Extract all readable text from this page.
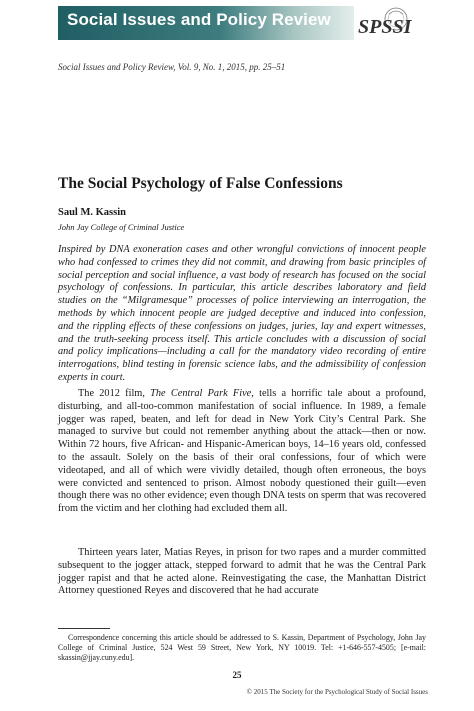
Social Issues and Policy Review SPSSI
Social Issues and Policy Review, Vol. 9, No. 1, 2015, pp. 25–51
The Social Psychology of False Confessions
Saul M. Kassin
John Jay College of Criminal Justice

Inspired by DNA exoneration cases and other wrongful convictions of innocent people who had confessed to crimes they did not commit, and drawing from basic principles of social perception and social influence, a vast body of research has focused on the social psychology of confessions. In particular, this article describes laboratory and field studies on the “Milgramesque” processes of police interviewing an interrogation, the methods by which innocent people are judged deceptive and induced into confession, and the rippling effects of these confessions on judges, juries, lay and expert witnesses, and the truth-seeking process itself. This article concludes with a discussion of social and policy implications—including a call for the mandatory video recording of entire interrogations, blind testing in forensic science labs, and the admissibility of confession experts in court.

The 2012 film, The Central Park Five, tells a horrific tale about a profound, disturbing, and all-too-common manifestation of social influence. In 1989, a female jogger was raped, beaten, and left for dead in New York City’s Central Park. She managed to survive but could not remember anything about the attack—then or now. Within 72 hours, five African- and Hispanic-American boys, 14–16 years old, confessed to the assault. Solely on the basis of their oral confessions, four of which were videotaped, and all of which were vividly detailed, though often erroneous, the boys were convicted and sentenced to prison. Almost nobody questioned their guilt—even though there was no other evidence; even though DNA tests on sperm that was recovered from the victim and her clothing had excluded them all.

Thirteen years later, Matias Reyes, in prison for two rapes and a murder committed subsequent to the jogger attack, stepped forward to admit that he was the Central Park jogger rapist and that he acted alone. Reinvestigating the case, the Manhattan District Attorney questioned Reyes and discovered that he had accurate

Correspondence concerning this article should be addressed to S. Kassin, Department of Psychology, John Jay College of Criminal Justice, 524 West 59 Street, New York, NY 10019. Tel: +1-646-557-4505; [e-mail: skassin@jjay.cuny.edu].

25
© 2015 The Society for the Psychological Study of Social Issues
